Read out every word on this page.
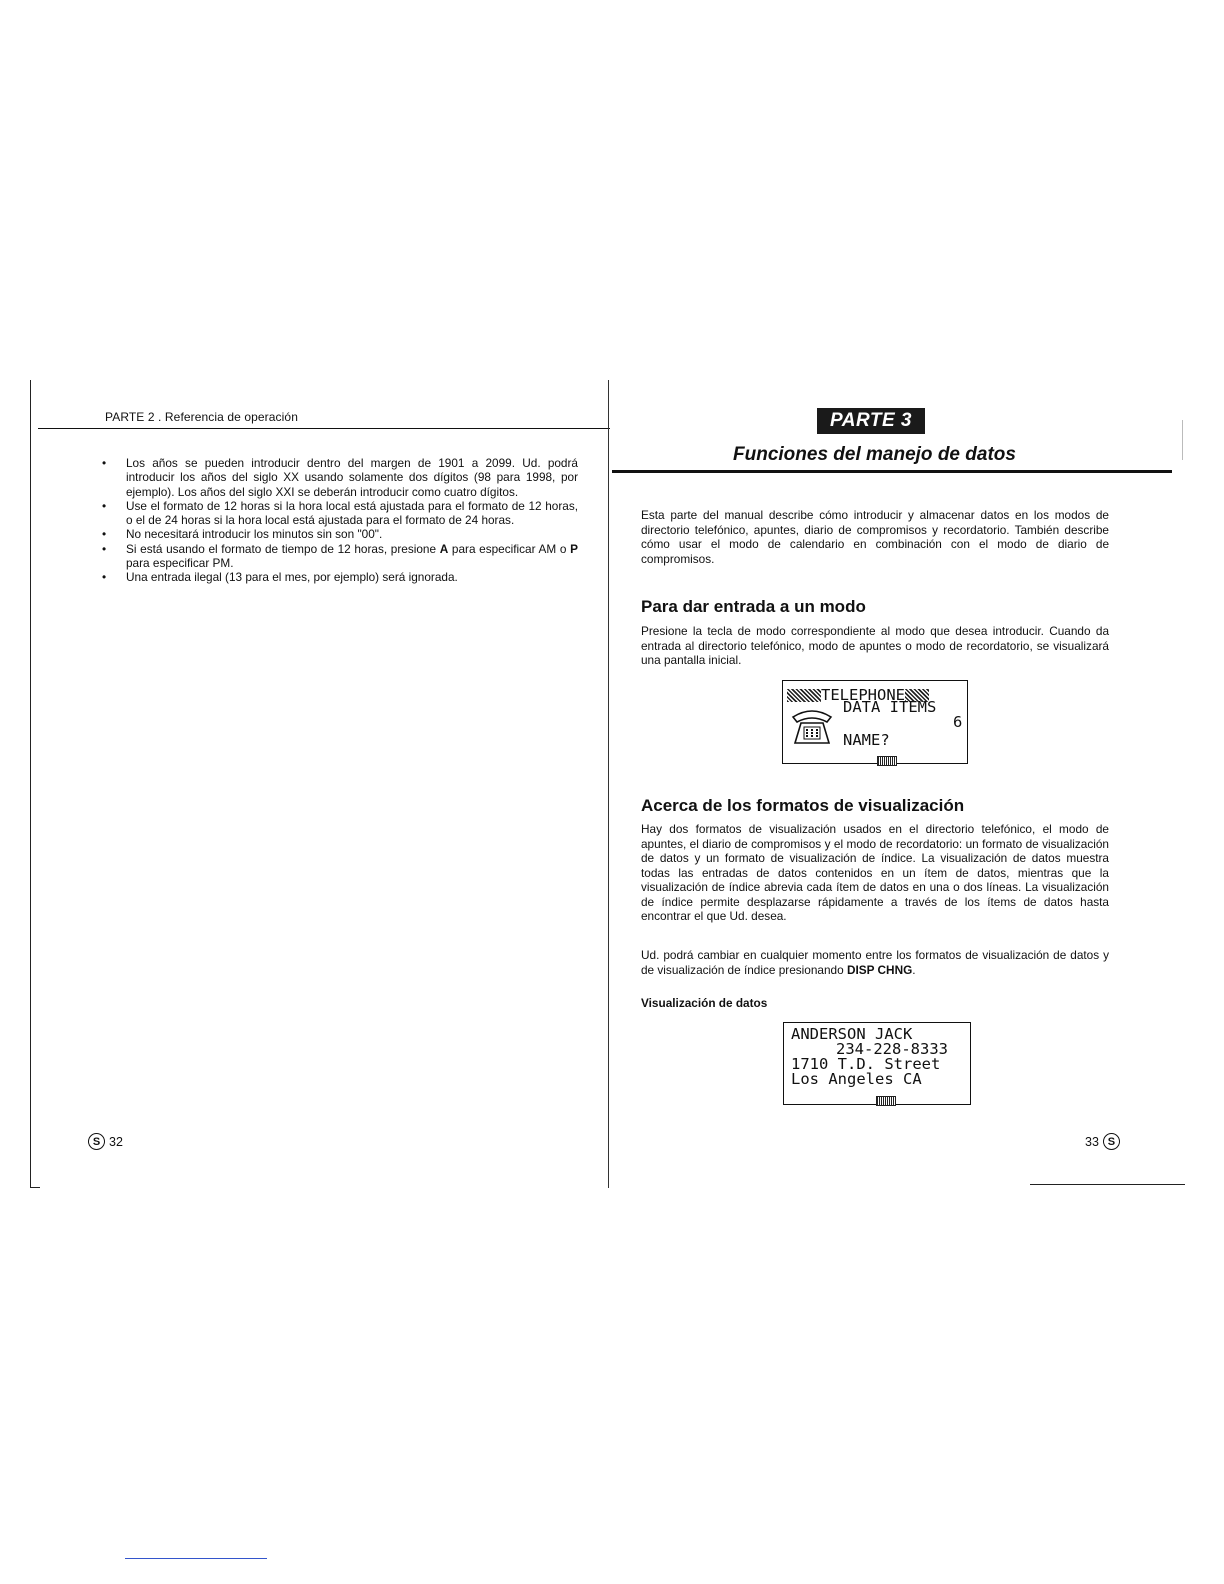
PARTE 2 . Referencia de operación
• Los años se pueden introducir dentro del margen de 1901 a 2099. Ud. podrá introducir los años del siglo XX usando solamente dos dígitos (98 para 1998, por ejemplo). Los años del siglo XXI se deberán introducir como cuatro dígitos.
• Use el formato de 12 horas si la hora local está ajustada para el formato de 12 horas, o el de 24 horas si la hora local está ajustada para el formato de 24 horas.
• No necesitará introducir los minutos sin son "00".
• Si está usando el formato de tiempo de 12 horas, presione A para especificar AM o P para especificar PM.
• Una entrada ilegal (13 para el mes, por ejemplo) será ignorada.
S 32
PARTE 3
Funciones del manejo de datos

Esta parte del manual describe cómo introducir y almacenar datos en los modos de directorio telefónico, apuntes, diario de compromisos y recordatorio. También describe cómo usar el modo de calendario en combinación con el modo de diario de compromisos.

Para dar entrada a un modo

Presione la tecla de modo correspondiente al modo que desea introducir. Cuando da entrada al directorio telefónico, modo de apuntes o modo de recordatorio, se visualizará una pantalla inicial.

TELEPHONE
DATA ITEMS
6
NAME?
Acerca de los formatos de visualización

Hay dos formatos de visualización usados en el directorio telefónico, el modo de apuntes, el diario de compromisos y el modo de recordatorio: un formato de visualización de datos y un formato de visualización de índice. La visualización de datos muestra todas las entradas de datos contenidos en un ítem de datos, mientras que la visualización de índice abrevia cada ítem de datos en una o dos líneas. La visualización de índice permite desplazarse rápidamente a través de los ítems de datos hasta encontrar el que Ud. desea.

Ud. podrá cambiar en cualquier momento entre los formatos de visualización de datos y de visualización de índice presionando DISP CHNG.

Visualización de datos
ANDERSON JACK
234-228-8333
1710 T.D. Street
Los Angeles CA
33 S
